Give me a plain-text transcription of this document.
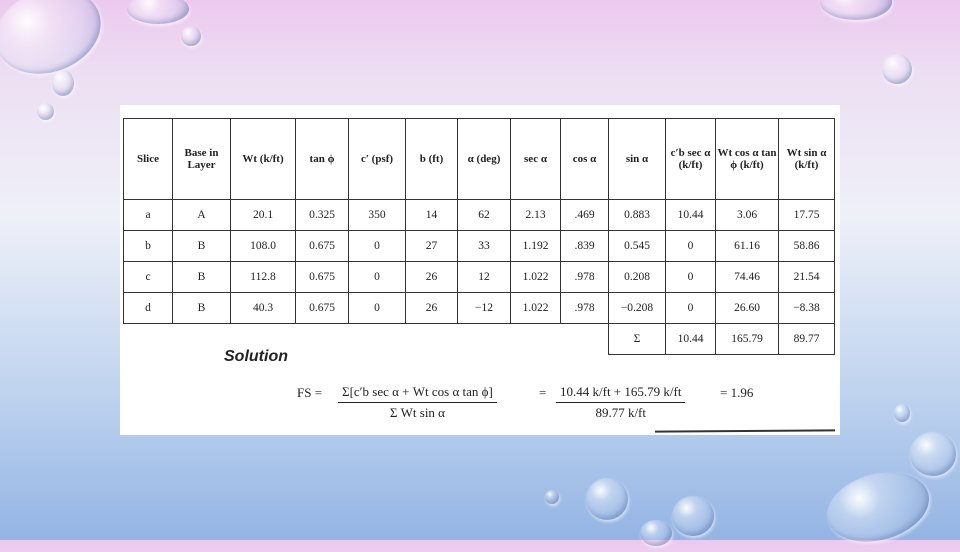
Slice	Base in Layer	Wt (k/ft)	tan ϕ	c′ (psf)	b (ft)	α (deg)	sec α	cos α	sin α	c′b sec α (k/ft)	Wt cos α tan ϕ (k/ft)	Wt sin α (k/ft)
a	A	20.1	0.325	350	14	62	2.13	.469	0.883	10.44	3.06	17.75
b	B	108.0	0.675	0	27	33	1.192	.839	0.545	0	61.16	58.86
c	B	112.8	0.675	0	26	12	1.022	.978	0.208	0	74.46	21.54
d	B	40.3	0.675	0	26	−12	1.022	.978	−0.208	0	26.60	−8.38
									Σ	10.44	165.79	89.77
Solution
FS =	Σ[c′b sec α + Wt cos α tan ϕ]
Σ Wt sin α
= $\frac{10.44 k/ft + 165.79 k/ft}{89.77 k/ft}$	= 1.96
